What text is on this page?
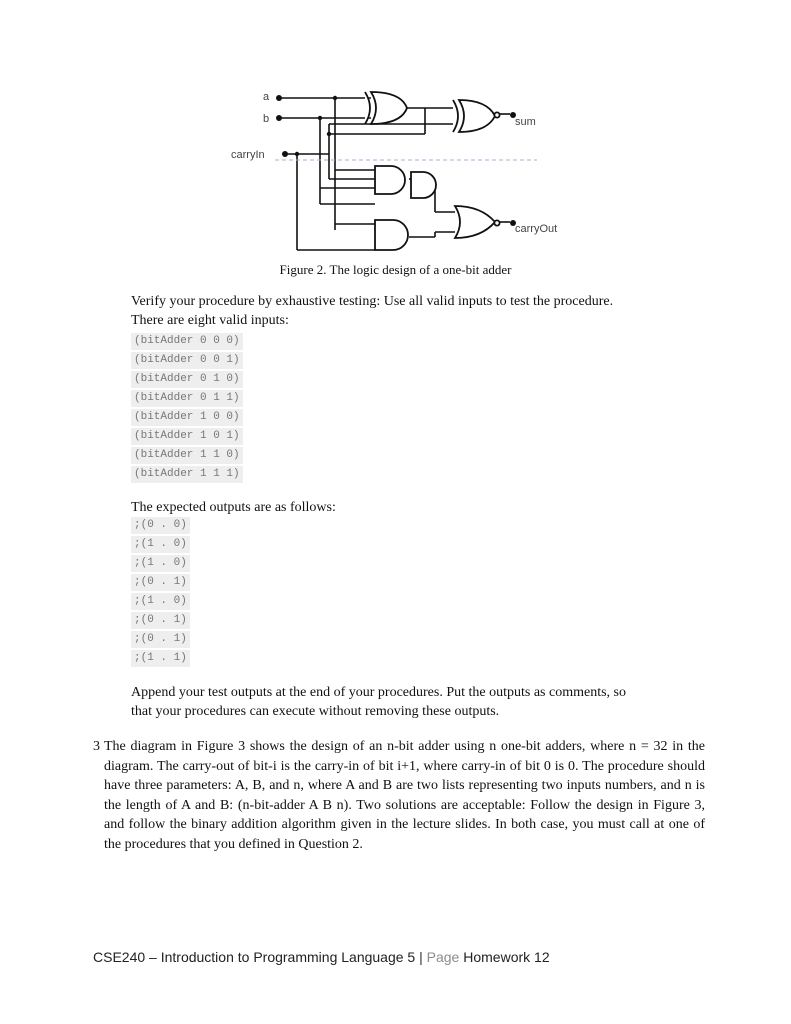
a
b
carryIn
sum
carryOut
Figure 2. The logic design of a one-bit adder
Verify your procedure by exhaustive testing: Use all valid inputs to test the procedure.
There are eight valid inputs:
(bitAdder 0 0 0)
(bitAdder 0 0 1)
(bitAdder 0 1 0)
(bitAdder 0 1 1)
(bitAdder 1 0 0)
(bitAdder 1 0 1)
(bitAdder 1 1 0)
(bitAdder 1 1 1)
The expected outputs are as follows:
;(0 . 0)
;(1 . 0)
;(1 . 0)
;(0 . 1)
;(1 . 0)
;(0 . 1)
;(0 . 1)
;(1 . 1)
Append your test outputs at the end of your procedures. Put the outputs as comments, so
that your procedures can execute without removing these outputs.
3 The diagram in Figure 3 shows the design of an n-bit adder using n one-bit adders, where n = 32 in the diagram. The carry-out of bit-i is the carry-in of bit i+1, where carry-in of bit 0 is 0. The procedure should have three parameters: A, B, and n, where A and B are two lists representing two inputs numbers, and n is the length of A and B: (n-bit-adder A B n). Two solutions are acceptable: Follow the design in Figure 3, and follow the binary addition algorithm given in the lecture slides. In both case, you must call at one of the procedures that you defined in Question 2.
CSE240 – Introduction to Programming Language 5 | Page Homework 12
